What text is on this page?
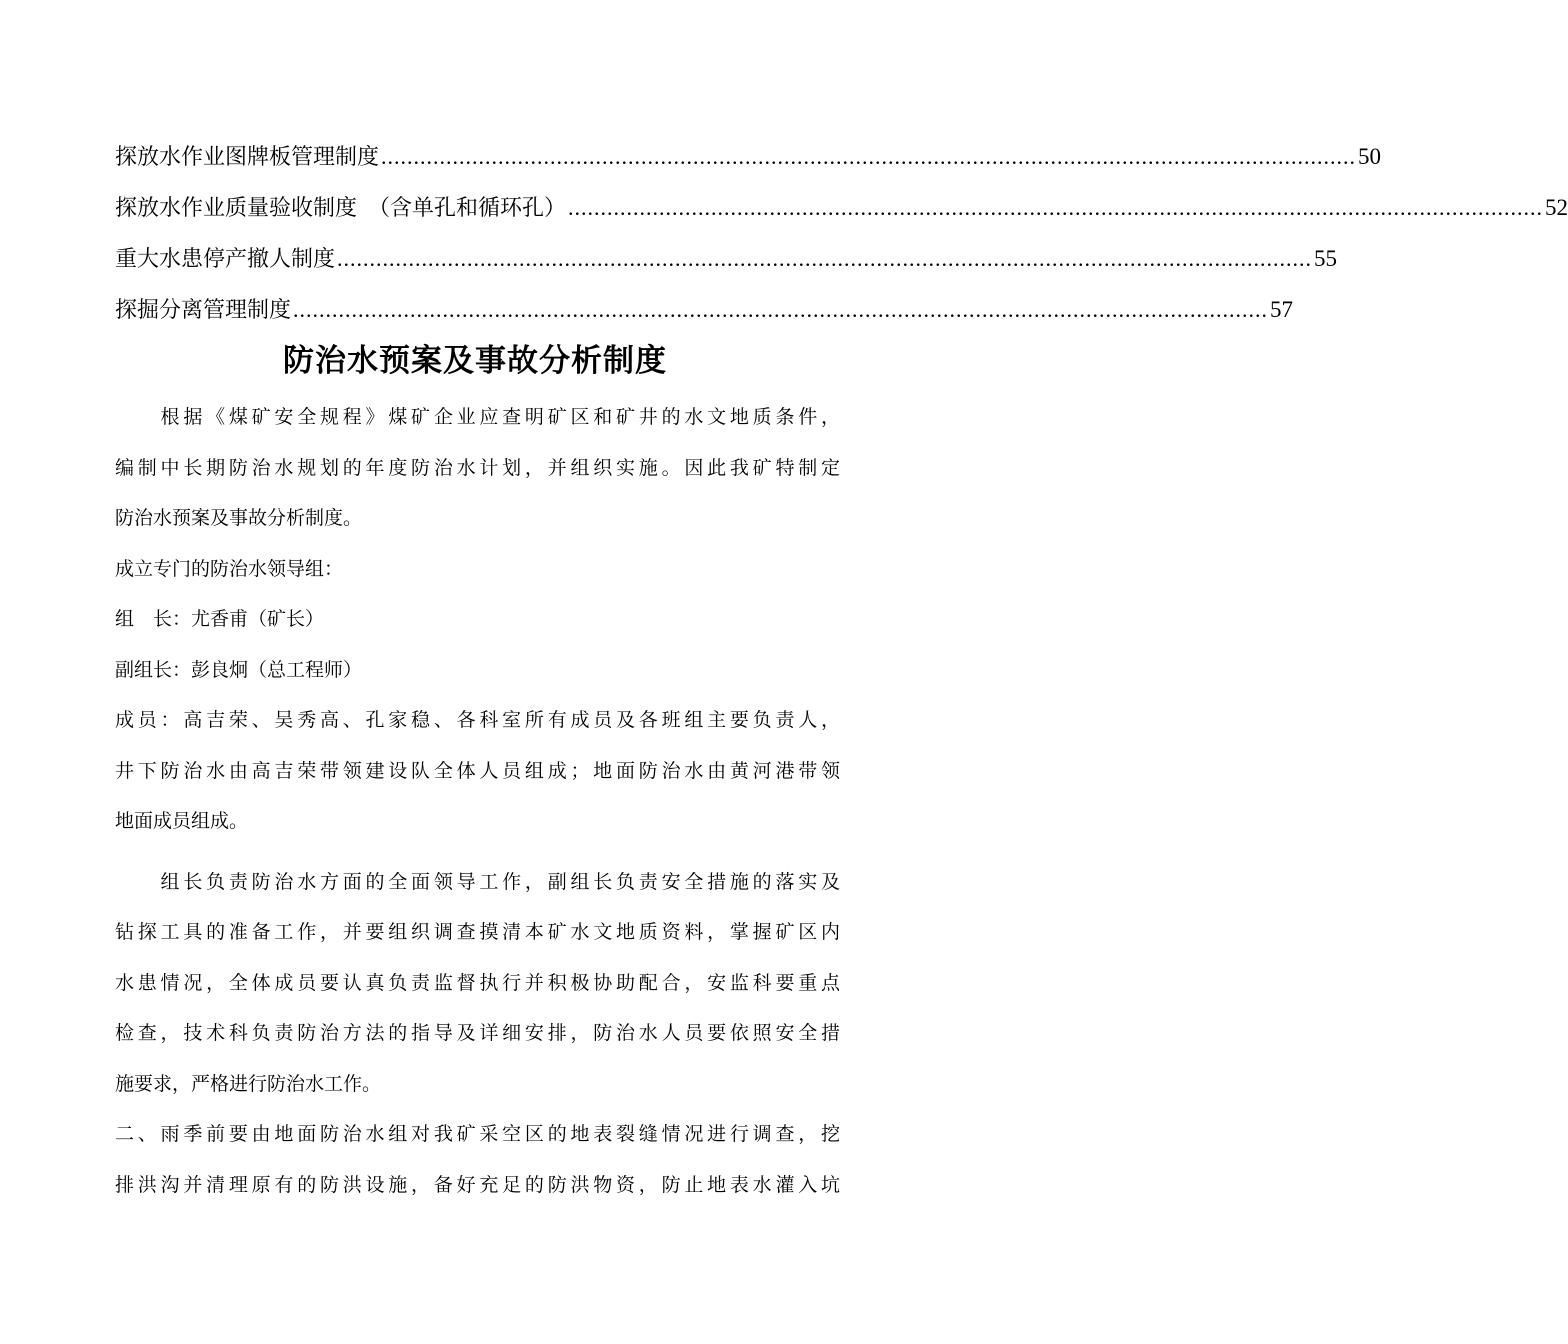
探放水作业图牌板管理制度 ...................................................................................................................................................... 50
探放水作业质量验收制度　（含单孔和循环孔） ...................................................................................................................................................... 52
重大水患停产撤人制度 ...................................................................................................................................................... 55
探掘分离管理制度 ...................................................................................................................................................... 57
防治水预案及事故分析制度
　　根据《煤矿安全规程》煤矿企业应查明矿区和矿井的水文地质条件，
编制中长期防治水规划的年度防治水计划，并组织实施。因此我矿特制定
防治水预案及事故分析制度。
成立专门的防治水领导组：
组　长：尤香甫（矿长）
副组长：彭良炯（总工程师）
成员：高吉荣、吴秀高、孔家稳、各科室所有成员及各班组主要负责人，
井下防治水由高吉荣带领建设队全体人员组成；地面防治水由黄河港带领
地面成员组成。
　　组长负责防治水方面的全面领导工作，副组长负责安全措施的落实及
钻探工具的准备工作，并要组织调查摸清本矿水文地质资料，掌握矿区内
水患情况，全体成员要认真负责监督执行并积极协助配合，安监科要重点
检查，技术科负责防治方法的指导及详细安排，防治水人员要依照安全措
施要求，严格进行防治水工作。
二、雨季前要由地面防治水组对我矿采空区的地表裂缝情况进行调查，挖
排洪沟并清理原有的防洪设施，备好充足的防洪物资，防止地表水灌入坑
